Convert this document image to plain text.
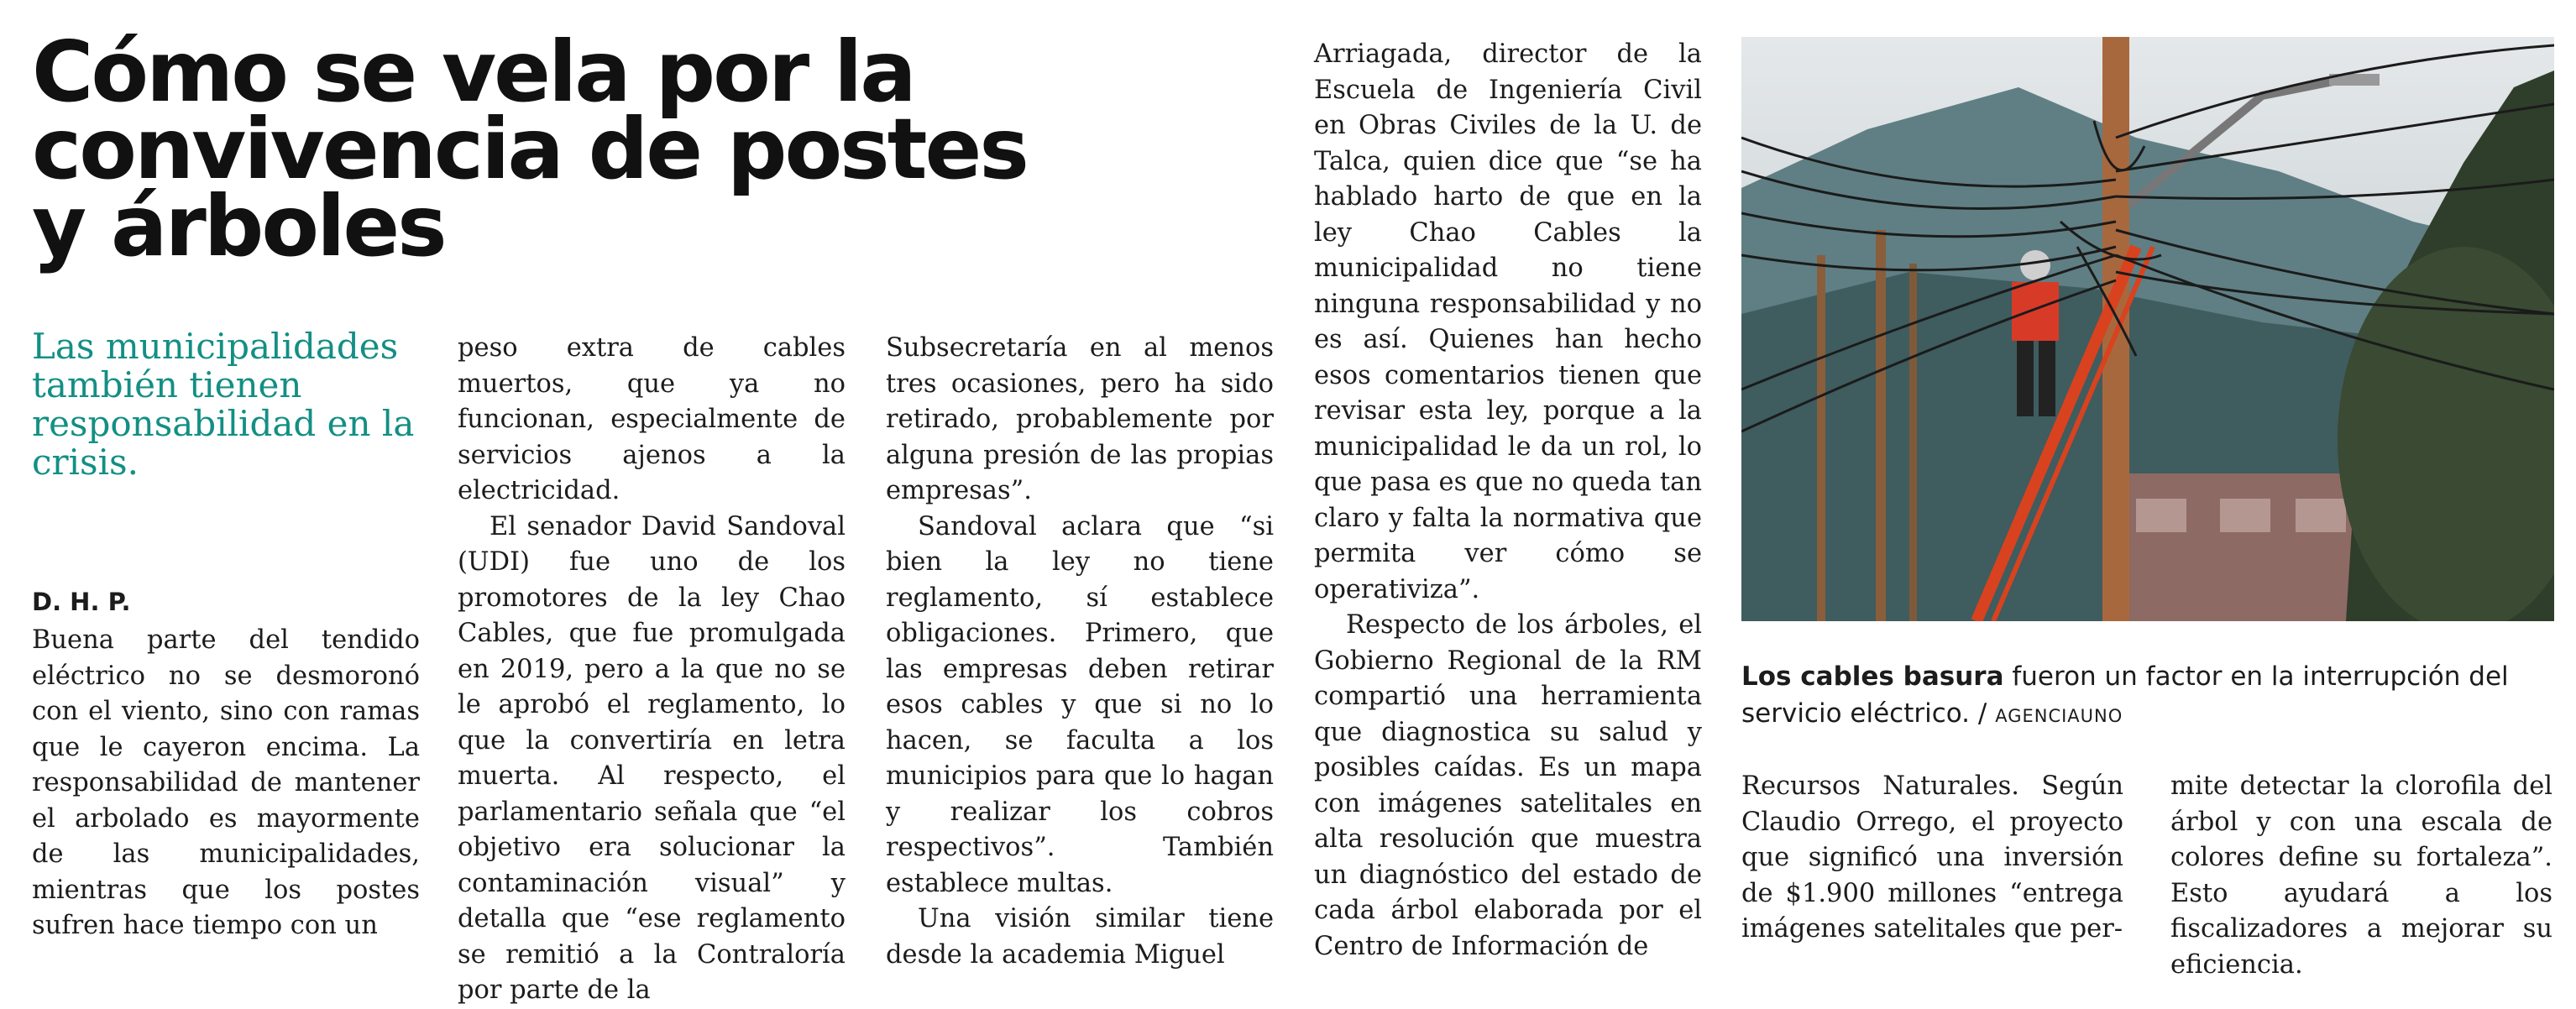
Cómo se vela por la convivencia de postes y árboles

Las municipalidades también tienen responsabilidad en la crisis.

D. H. P.

Buena parte del tendido eléctrico no se desmoronó con el viento, sino con ramas que le cayeron encima. La responsabilidad de mantener el arbolado es mayormente de las municipalidades, mientras que los postes sufren hace tiempo con un

peso extra de cables muertos, que ya no funcionan, especialmente de servicios ajenos a la electricidad.

El senador David Sandoval (UDI) fue uno de los promotores de la ley Chao Cables, que fue promulgada en 2019, pero a la que no se le aprobó el reglamento, lo que la convertiría en letra muerta. Al respecto, el parlamentario señala que “el objetivo era solucionar la contaminación visual” y detalla que “ese reglamento se remitió a la Contraloría por parte de la

Subsecretaría en al menos tres ocasiones, pero ha sido retirado, probablemente por alguna presión de las propias empresas”.

Sandoval aclara que “si bien la ley no tiene reglamento, sí establece obligaciones. Primero, que las empresas deben retirar esos cables y que si no lo hacen, se faculta a los municipios para que lo hagan y realizar los cobros respectivos”. También establece multas.

Una visión similar tiene desde la academia Miguel

Arriagada, director de la Escuela de Ingeniería Civil en Obras Civiles de la U. de Talca, quien dice que “se ha hablado harto de que en la ley Chao Cables la municipalidad no tiene ninguna responsabilidad y no es así. Quienes han hecho esos comentarios tienen que revisar esta ley, porque a la municipalidad le da un rol, lo que pasa es que no queda tan claro y falta la normativa que permita ver cómo se operativiza”.

Respecto de los árboles, el Gobierno Regional de la RM compartió una herramienta que diagnostica su salud y posibles caídas. Es un mapa con imágenes satelitales en alta resolución que muestra un diagnóstico del estado de cada árbol elaborada por el Centro de Información de

Los cables basura fueron un factor en la interrupción del servicio eléctrico. / AGENCIAUNO

Recursos Naturales. Según Claudio Orrego, el proyecto que significó una inversión de $1.900 millones “entrega imágenes satelitales que per-

mite detectar la clorofila del árbol y con una escala de colores define su fortaleza”. Esto ayudará a los fiscalizadores a mejorar su eficiencia.
